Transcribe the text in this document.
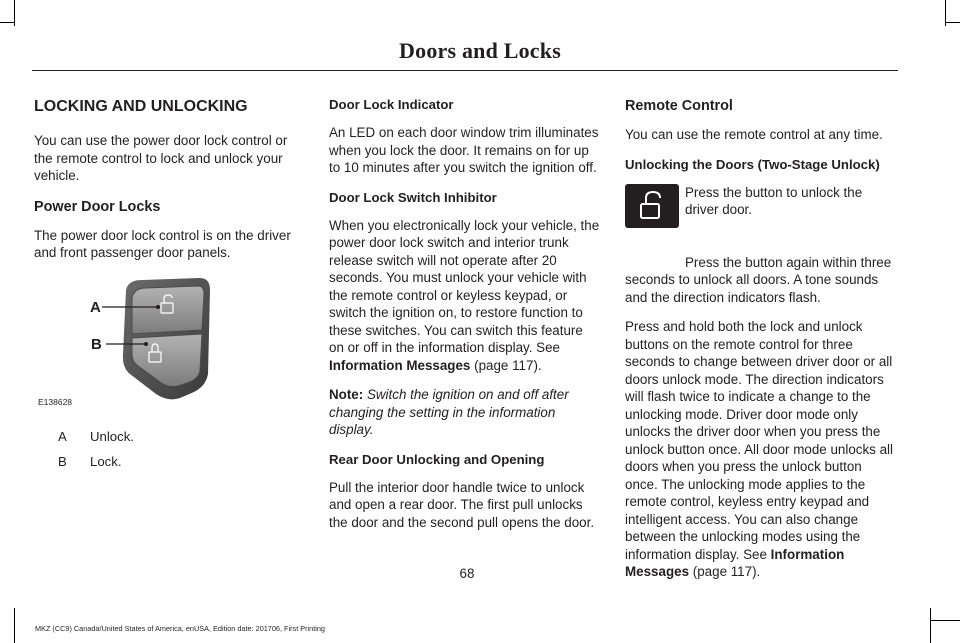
Doors and Locks
LOCKING AND UNLOCKING

You can use the power door lock control or the remote control to lock and unlock your vehicle.

Power Door Locks

The power door lock control is on the driver and front passenger door panels.

A
B
E138628
A	Unlock.
B	Lock.
Door Lock Indicator

An LED on each door window trim illuminates when you lock the door. It remains on for up to 10 minutes after you switch the ignition off.

Door Lock Switch Inhibitor

When you electronically lock your vehicle, the power door lock switch and interior trunk release switch will not operate after 20 seconds. You must unlock your vehicle with the remote control or keyless keypad, or switch the ignition on, to restore function to these switches. You can switch this feature on or off in the information display. See Information Messages (page 117).

Note: Switch the ignition on and off after changing the setting in the information display.

Rear Door Unlocking and Opening

Pull the interior door handle twice to unlock and open a rear door. The first pull unlocks the door and the second pull opens the door.

Remote Control

You can use the remote control at any time.

Unlocking the Doors (Two-Stage Unlock)

Press the button to unlock the driver door.

Press the button again within three seconds to unlock all doors. A tone sounds and the direction indicators flash.

Press and hold both the lock and unlock buttons on the remote control for three seconds to change between driver door or all doors unlock mode. The direction indicators will flash twice to indicate a change to the unlocking mode. Driver door mode only unlocks the driver door when you press the unlock button once. All door mode unlocks all doors when you press the unlock button once. The unlocking mode applies to the remote control, keyless entry keypad and intelligent access. You can also change between the unlocking modes using the information display. See Information Messages (page 117).

68
MKZ (CC9) Canada/United States of America, enUSA, Edition date: 201706, First Printing
